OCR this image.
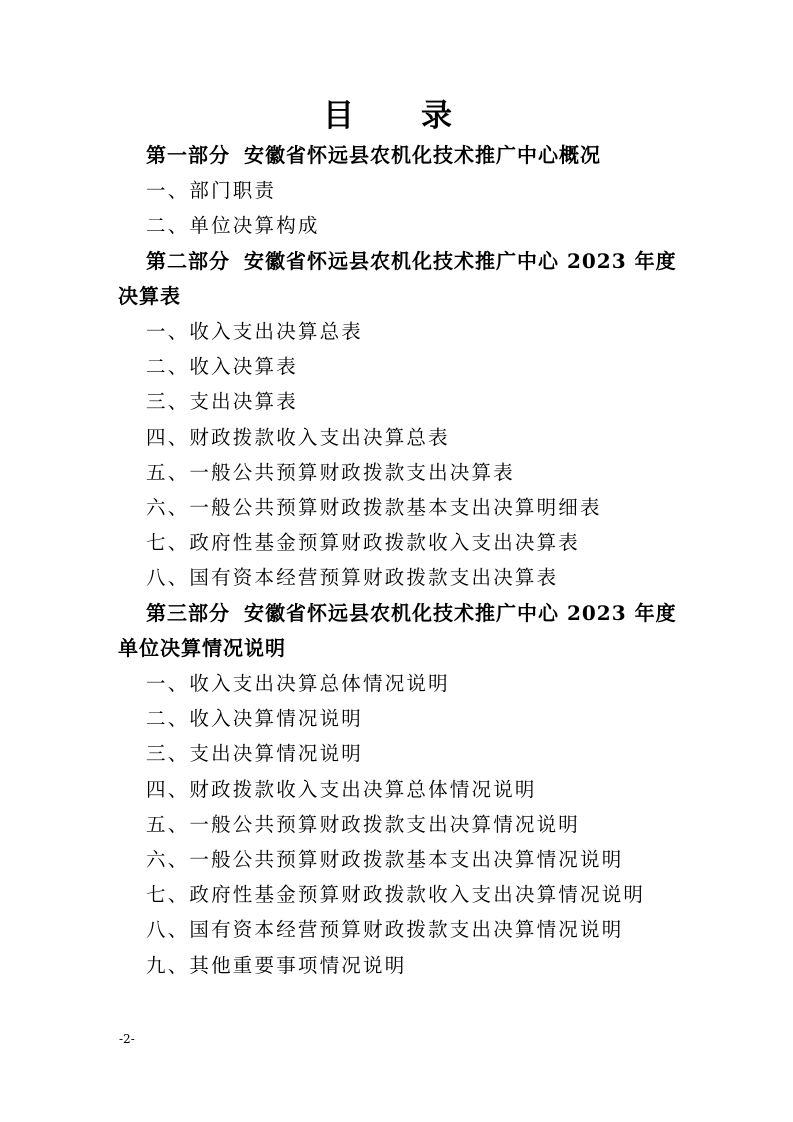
目　录
第一部分 安徽省怀远县农机化技术推广中心概况
一、部门职责
二、单位决算构成
第二部分 安徽省怀远县农机化技术推广中心 2023 年度决算表
一、收入支出决算总表
二、收入决算表
三、支出决算表
四、财政拨款收入支出决算总表
五、一般公共预算财政拨款支出决算表
六、一般公共预算财政拨款基本支出决算明细表
七、政府性基金预算财政拨款收入支出决算表
八、国有资本经营预算财政拨款支出决算表
第三部分 安徽省怀远县农机化技术推广中心 2023 年度单位决算情况说明
一、收入支出决算总体情况说明
二、收入决算情况说明
三、支出决算情况说明
四、财政拨款收入支出决算总体情况说明
五、一般公共预算财政拨款支出决算情况说明
六、一般公共预算财政拨款基本支出决算情况说明
七、政府性基金预算财政拨款收入支出决算情况说明
八、国有资本经营预算财政拨款支出决算情况说明
九、其他重要事项情况说明
-2-
